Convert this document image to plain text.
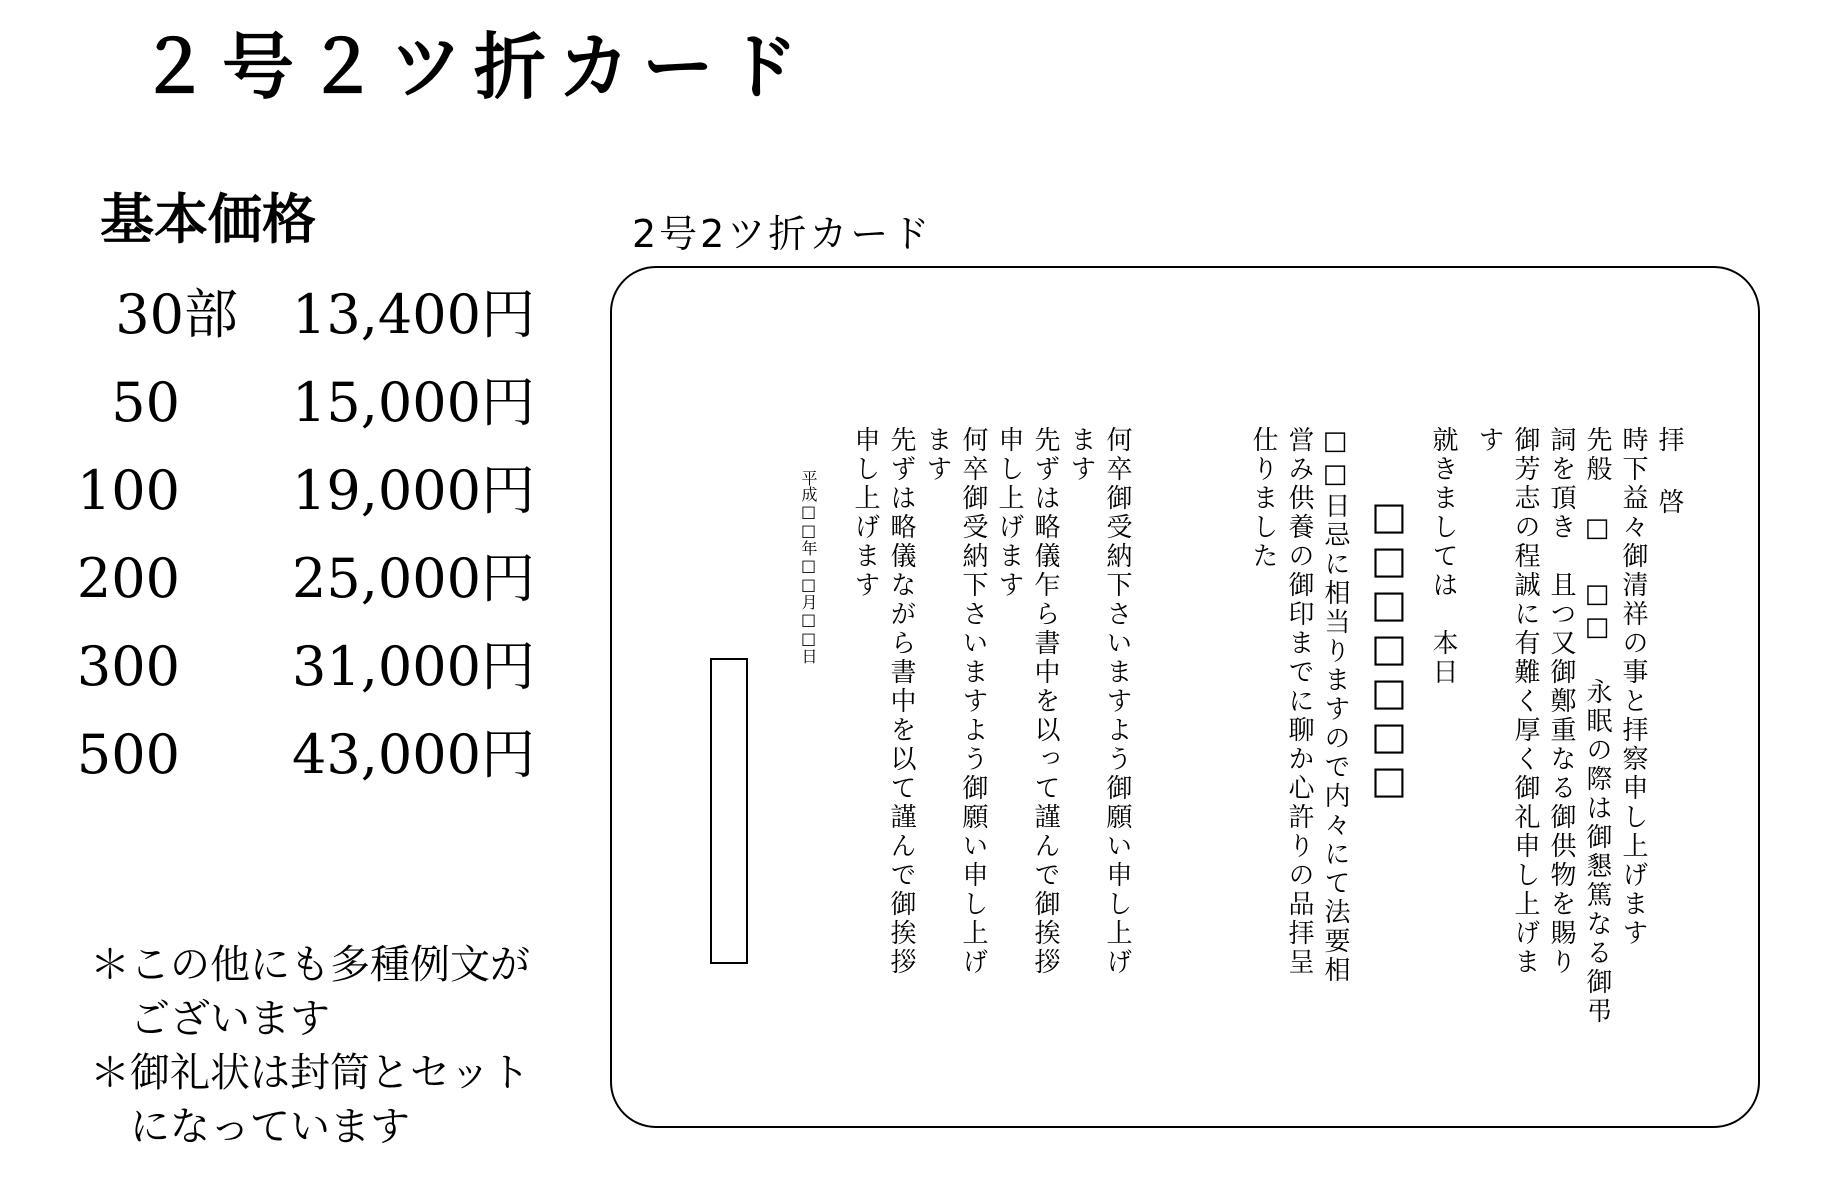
２号２ツ折カード
基本価格
30部 13,400円
50 15,000円
100 19,000円
200 25,000円
300 31,000円
500 43,000円
＊この他にも多種例文が
　ございます
＊御礼状は封筒とセット
　になっています
2号2ツ折カード
拝 啓
時下益々御清祥の事と拝察申し上げます
先般　□ □□ 永眠の際は御懇篤なる御弔
詞を頂き　且つ又御鄭重なる御供物を賜り
御芳志の程誠に有難く厚く御礼申し上げま
す
就きましては　本日
□□□□□□□
□□日忌に相当りますので内々にて法要相
営み供養の御印までに聊か心許りの品拝呈
仕りました
何卒御受納下さいますよう御願い申し上げ
ます
先ずは略儀乍ら書中を以って謹んで御挨拶
申し上げます
何卒御受納下さいますよう御願い申し上げ
ます
先ずは略儀ながら書中を以て謹んで御挨拶
申し上げます
平成□□年□□月□□日
